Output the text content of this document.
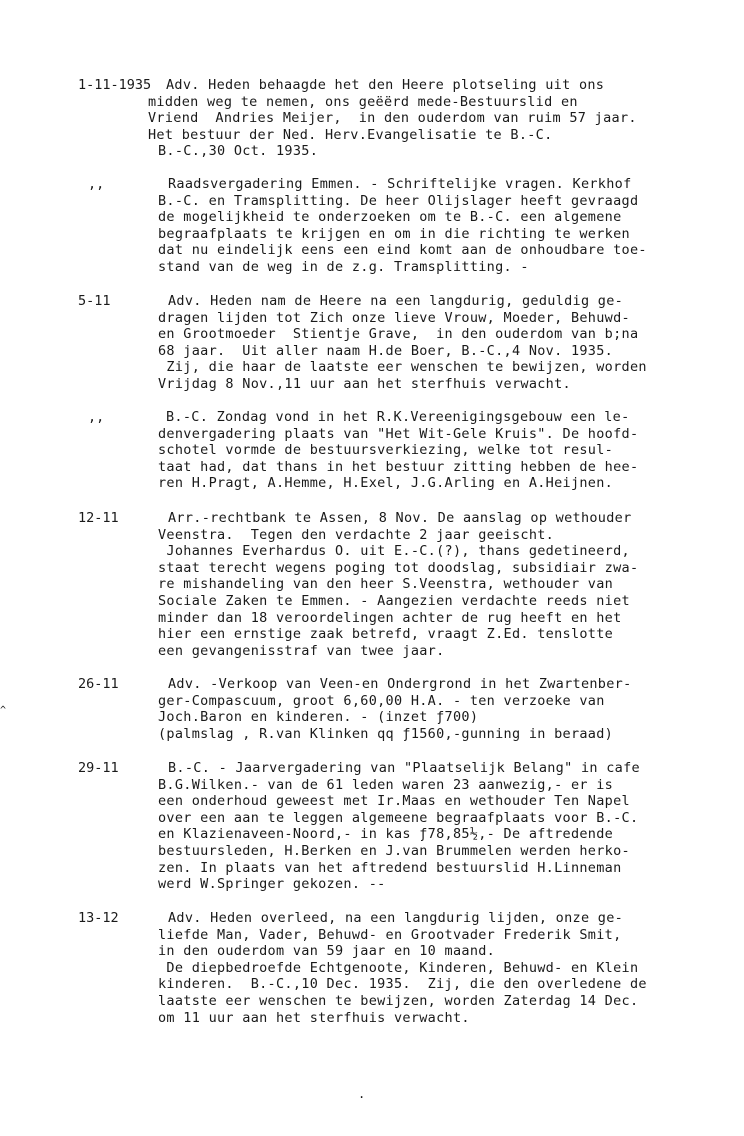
1-11-1935 Adv. Heden behaagde het den Heere plotseling uit ons
midden weg te nemen, ons geëërd mede-Bestuurslid en
Vriend  Andries Meijer,  in den ouderdom van ruim 57 jaar.
Het bestuur der Ned. Herv.Evangelisatie te B.-C.
B.-C.,30 Oct. 1935.
,,	Raadsvergadering Emmen. - Schriftelijke vragen. Kerkhof
B.-C. en Tramsplitting. De heer Olijslager heeft gevraagd
de mogelijkheid te onderzoeken om te B.-C. een algemene
begraafplaats te krijgen en om in die richting te werken
dat nu eindelijk eens een eind komt aan de onhoudbare toe-
stand van de weg in de z.g. Tramsplitting. -
5-11	Adv. Heden nam de Heere na een langdurig, geduldig ge-
dragen lijden tot Zich onze lieve Vrouw, Moeder, Behuwd-
en Grootmoeder  Stientje Grave,  in den ouderdom van b;na
68 jaar.  Uit aller naam H.de Boer, B.-C.,4 Nov. 1935.
Zij, die haar de laatste eer wenschen te bewijzen, worden
Vrijdag 8 Nov.,11 uur aan het sterfhuis verwacht.
,,	B.-C. Zondag vond in het R.K.Vereenigingsgebouw een le-
denvergadering plaats van "Het Wit-Gele Kruis". De hoofd-
schotel vormde de bestuursverkiezing, welke tot resul-
taat had, dat thans in het bestuur zitting hebben de hee-
ren H.Pragt, A.Hemme, H.Exel, J.G.Arling en A.Heijnen.
12-11	Arr.-rechtbank te Assen, 8 Nov. De aanslag op wethouder
Veenstra.  Tegen den verdachte 2 jaar geeischt.
Johannes Everhardus O. uit E.-C.(?), thans gedetineerd,
staat terecht wegens poging tot doodslag, subsidiair zwa-
re mishandeling van den heer S.Veenstra, wethouder van
Sociale Zaken te Emmen. - Aangezien verdachte reeds niet
minder dan 18 veroordelingen achter de rug heeft en het
hier een ernstige zaak betrefd, vraagt Z.Ed. tenslotte
een gevangenisstraf van twee jaar.
26-11	Adv. -Verkoop van Veen-en Ondergrond in het Zwartenber-
ger-Compascuum, groot 6,60,00 H.A. - ten verzoeke van
Joch.Baron en kinderen. - (inzet ƒ700)
(palmslag , R.van Klinken qq ƒ1560,-gunning in beraad)
29-11	B.-C. - Jaarvergadering van "Plaatselijk Belang" in cafe
B.G.Wilken.- van de 61 leden waren 23 aanwezig,- er is
een onderhoud geweest met Ir.Maas en wethouder Ten Napel
over een aan te leggen algemeene begraafplaats voor B.-C.
en Klazienaveen-Noord,- in kas ƒ78,85½,- De aftredende
bestuursleden, H.Berken en J.van Brummelen werden herko-
zen. In plaats van het aftredend bestuurslid H.Linneman
werd W.Springer gekozen. --
13-12	Adv. Heden overleed, na een langdurig lijden, onze ge-
liefde Man, Vader, Behuwd- en Grootvader Frederik Smit,
in den ouderdom van 59 jaar en 10 maand.
De diepbedroefde Echtgenoote, Kinderen, Behuwd- en Klein
kinderen.  B.-C.,10 Dec. 1935.  Zij, die den overledene de
laatste eer wenschen te bewijzen, worden Zaterdag 14 Dec.
om 11 uur aan het sterfhuis verwacht.
^
.
